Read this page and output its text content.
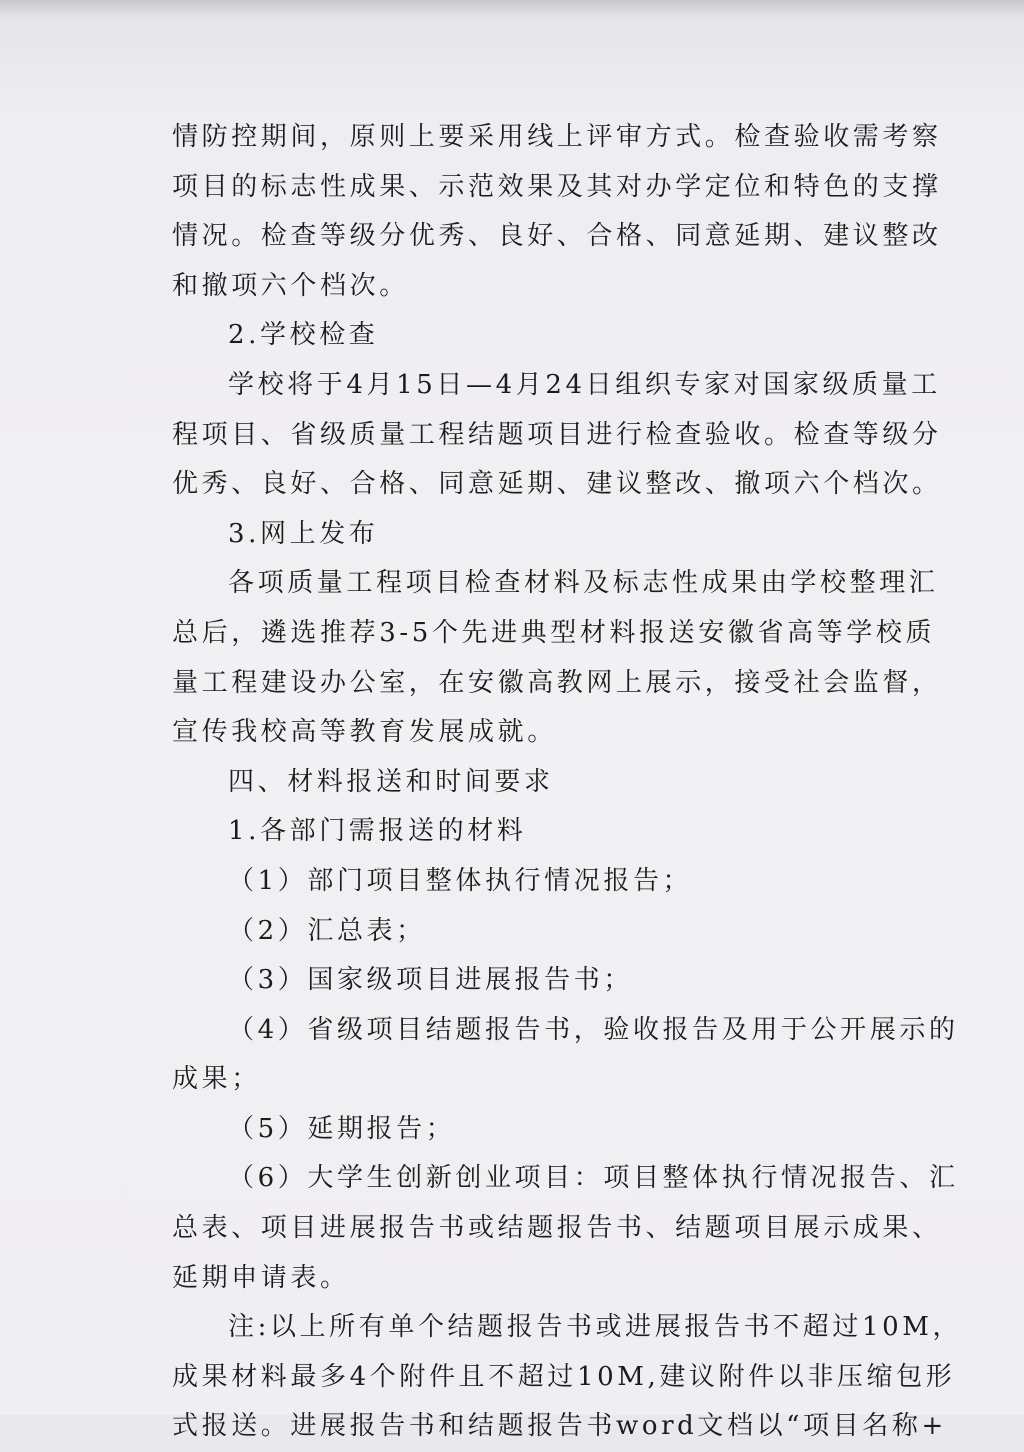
情防控期间，原则上要采用线上评审方式。检查验收需考察
项目的标志性成果、示范效果及其对办学定位和特色的支撑
情况。检查等级分优秀、良好、合格、同意延期、建议整改
和撤项六个档次。
2.学校检查
学校将于4月15日—4月24日组织专家对国家级质量工
程项目、省级质量工程结题项目进行检查验收。检查等级分
优秀、良好、合格、同意延期、建议整改、撤项六个档次。
3.网上发布
各项质量工程项目检查材料及标志性成果由学校整理汇
总后，遴选推荐3-5个先进典型材料报送安徽省高等学校质
量工程建设办公室，在安徽高教网上展示，接受社会监督，
宣传我校高等教育发展成就。
四、材料报送和时间要求
1.各部门需报送的材料
（1）部门项目整体执行情况报告；
（2）汇总表；
（3）国家级项目进展报告书；
（4）省级项目结题报告书，验收报告及用于公开展示的
成果；
（5）延期报告；
（6）大学生创新创业项目：项目整体执行情况报告、汇
总表、项目进展报告书或结题报告书、结题项目展示成果、
延期申请表。
注:以上所有单个结题报告书或进展报告书不超过10M，
成果材料最多4个附件且不超过10M,建议附件以非压缩包形
式报送。进展报告书和结题报告书word文档以“项目名称+
